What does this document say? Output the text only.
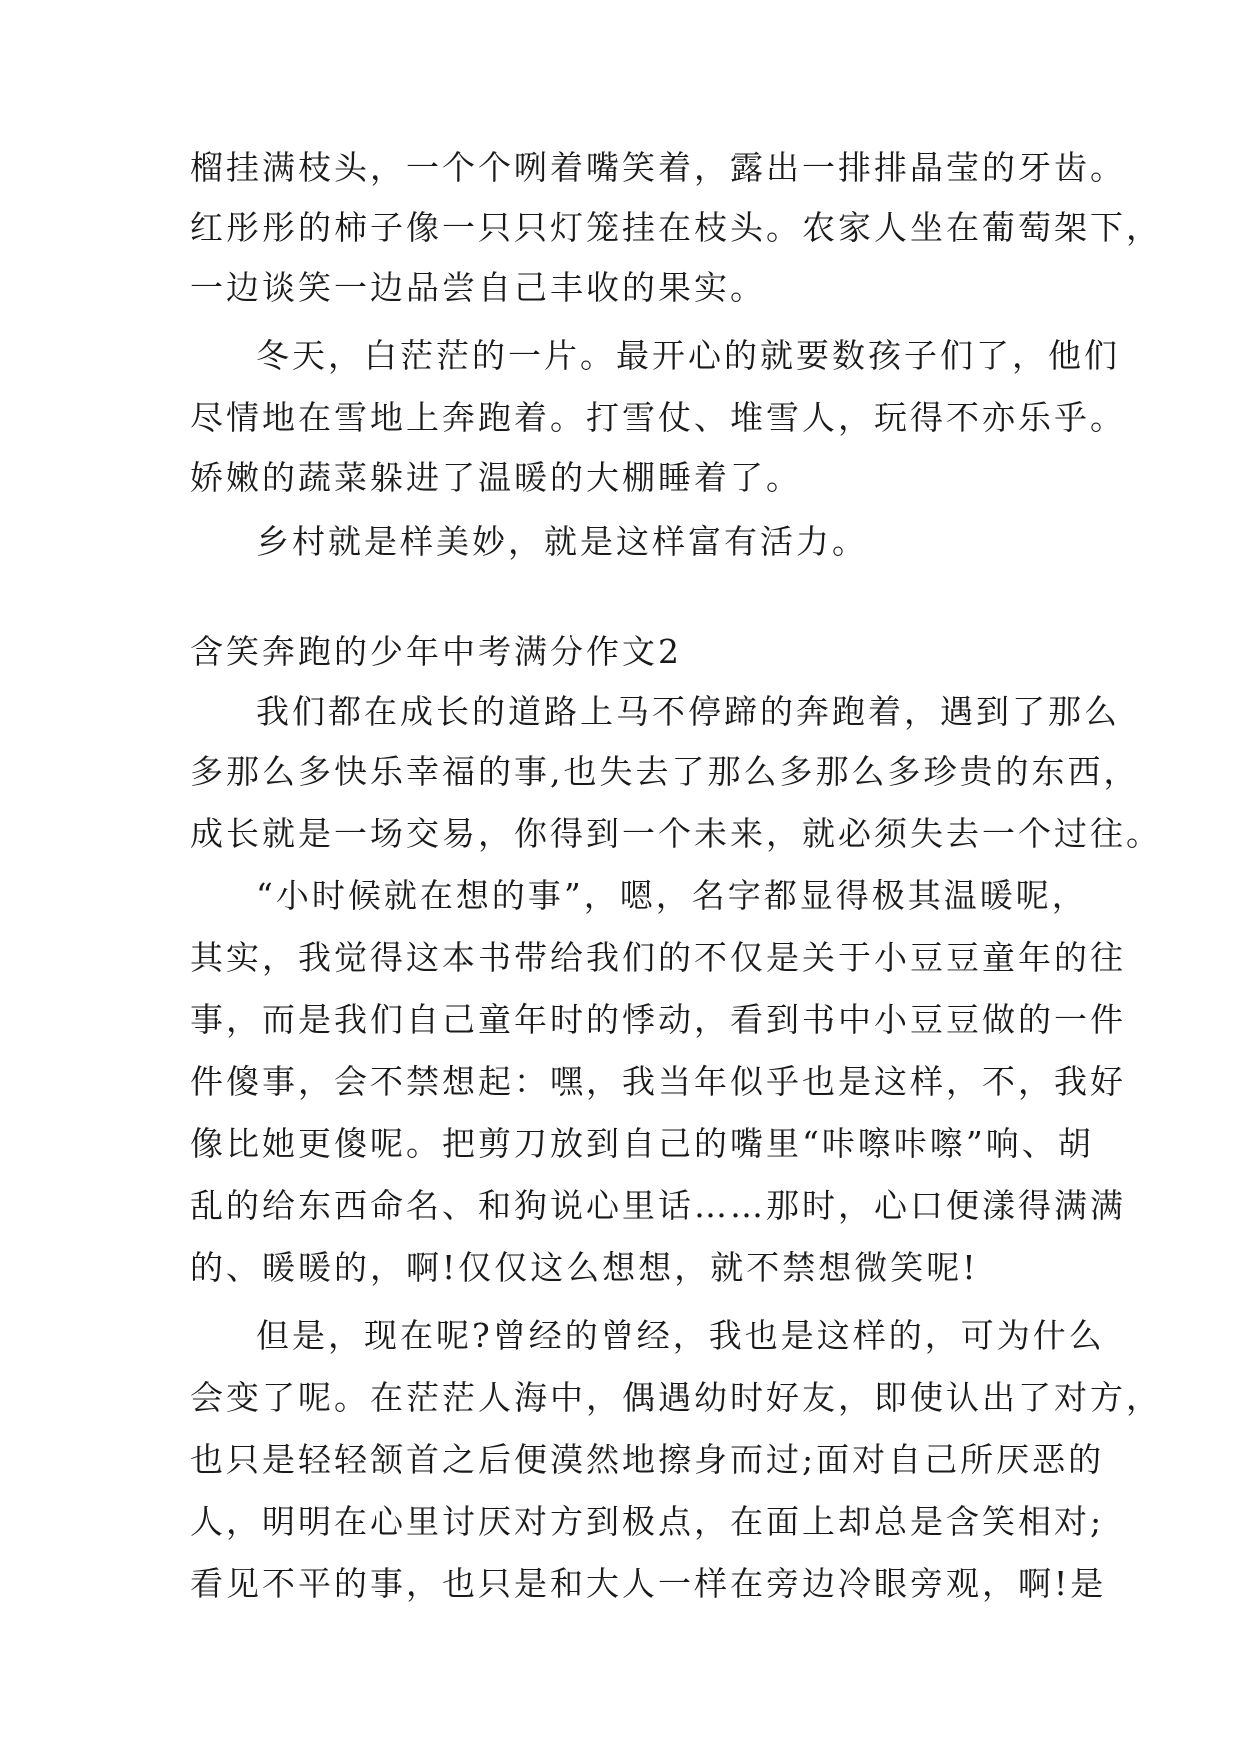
榴挂满枝头，一个个咧着嘴笑着，露出一排排晶莹的牙齿。
红彤彤的柿子像一只只灯笼挂在枝头。农家人坐在葡萄架下，
一边谈笑一边品尝自己丰收的果实。
冬天，白茫茫的一片。最开心的就要数孩子们了，他们
尽情地在雪地上奔跑着。打雪仗、堆雪人，玩得不亦乐乎。
娇嫩的蔬菜躲进了温暖的大棚睡着了。
乡村就是样美妙，就是这样富有活力。
含笑奔跑的少年中考满分作文2
我们都在成长的道路上马不停蹄的奔跑着，遇到了那么
多那么多快乐幸福的事,也失去了那么多那么多珍贵的东西，
成长就是一场交易，你得到一个未来，就必须失去一个过往。
“小时候就在想的事”，嗯，名字都显得极其温暖呢，
其实，我觉得这本书带给我们的不仅是关于小豆豆童年的往
事，而是我们自己童年时的悸动，看到书中小豆豆做的一件
件傻事，会不禁想起：嘿，我当年似乎也是这样，不，我好
像比她更傻呢。把剪刀放到自己的嘴里“咔嚓咔嚓”响、胡
乱的给东西命名、和狗说心里话……那时，心口便漾得满满
的、暖暖的，啊!仅仅这么想想，就不禁想微笑呢!
但是，现在呢?曾经的曾经，我也是这样的，可为什么
会变了呢。在茫茫人海中，偶遇幼时好友，即使认出了对方，
也只是轻轻颔首之后便漠然地擦身而过;面对自己所厌恶的
人，明明在心里讨厌对方到极点，在面上却总是含笑相对;
看见不平的事，也只是和大人一样在旁边冷眼旁观，啊!是
